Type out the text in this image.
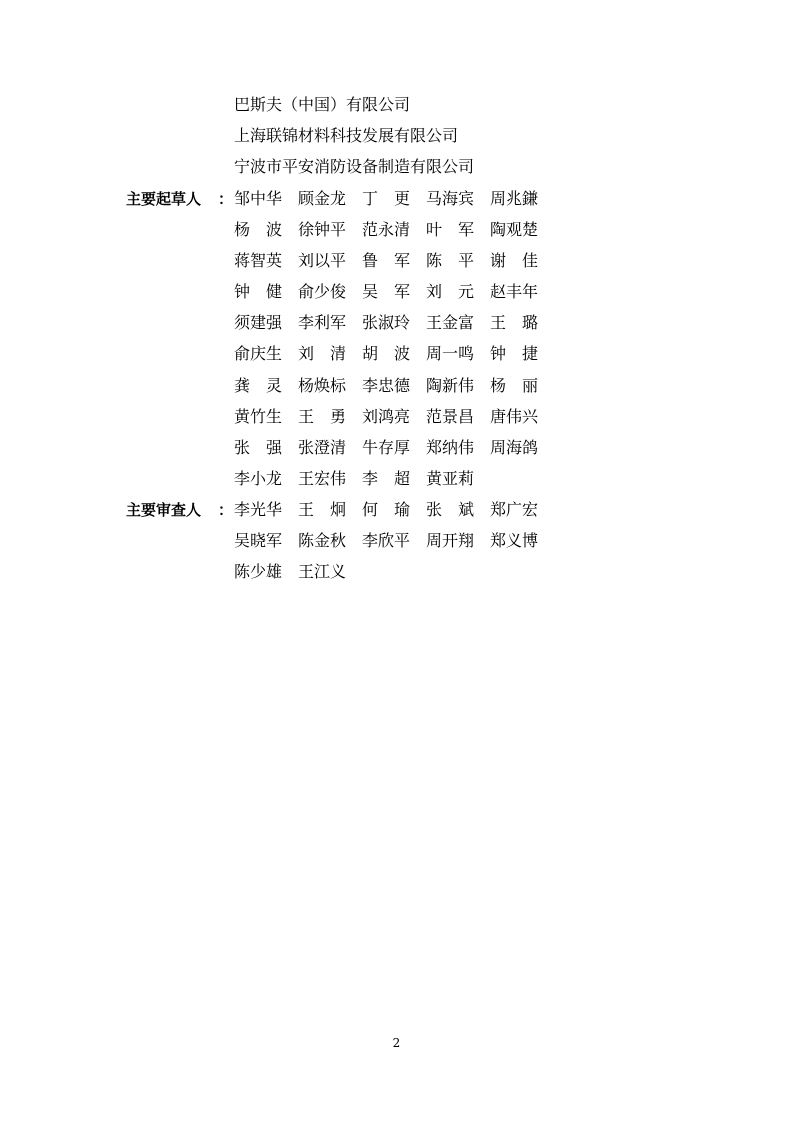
巴斯夫（中国）有限公司
上海联锦材料科技发展有限公司
宁波市平安消防设备制造有限公司
主要起草人 ： 邹中华 顾金龙 丁　更 马海宾 周兆鎌
杨　波 徐钟平 范永清 叶　军 陶观楚
蒋智英 刘以平 鲁　军 陈　平 谢　佳
钟　健 俞少俊 吴　军 刘　元 赵丰年
须建强 李利军 张淑玲 王金富 王　璐
俞庆生 刘　清 胡　波 周一鸣 钟　捷
龚　灵 杨焕标 李忠德 陶新伟 杨　丽
黄竹生 王　勇 刘鸿亮 范景昌 唐伟兴
张　强 张澄清 牛存厚 郑纳伟 周海鸽
李小龙 王宏伟 李　超 黄亚莉
主要审查人 ： 李光华 王　炯 何　瑜 张　斌 郑广宏
吴晓军 陈金秋 李欣平 周开翔 郑义博
陈少雄 王江义
2
